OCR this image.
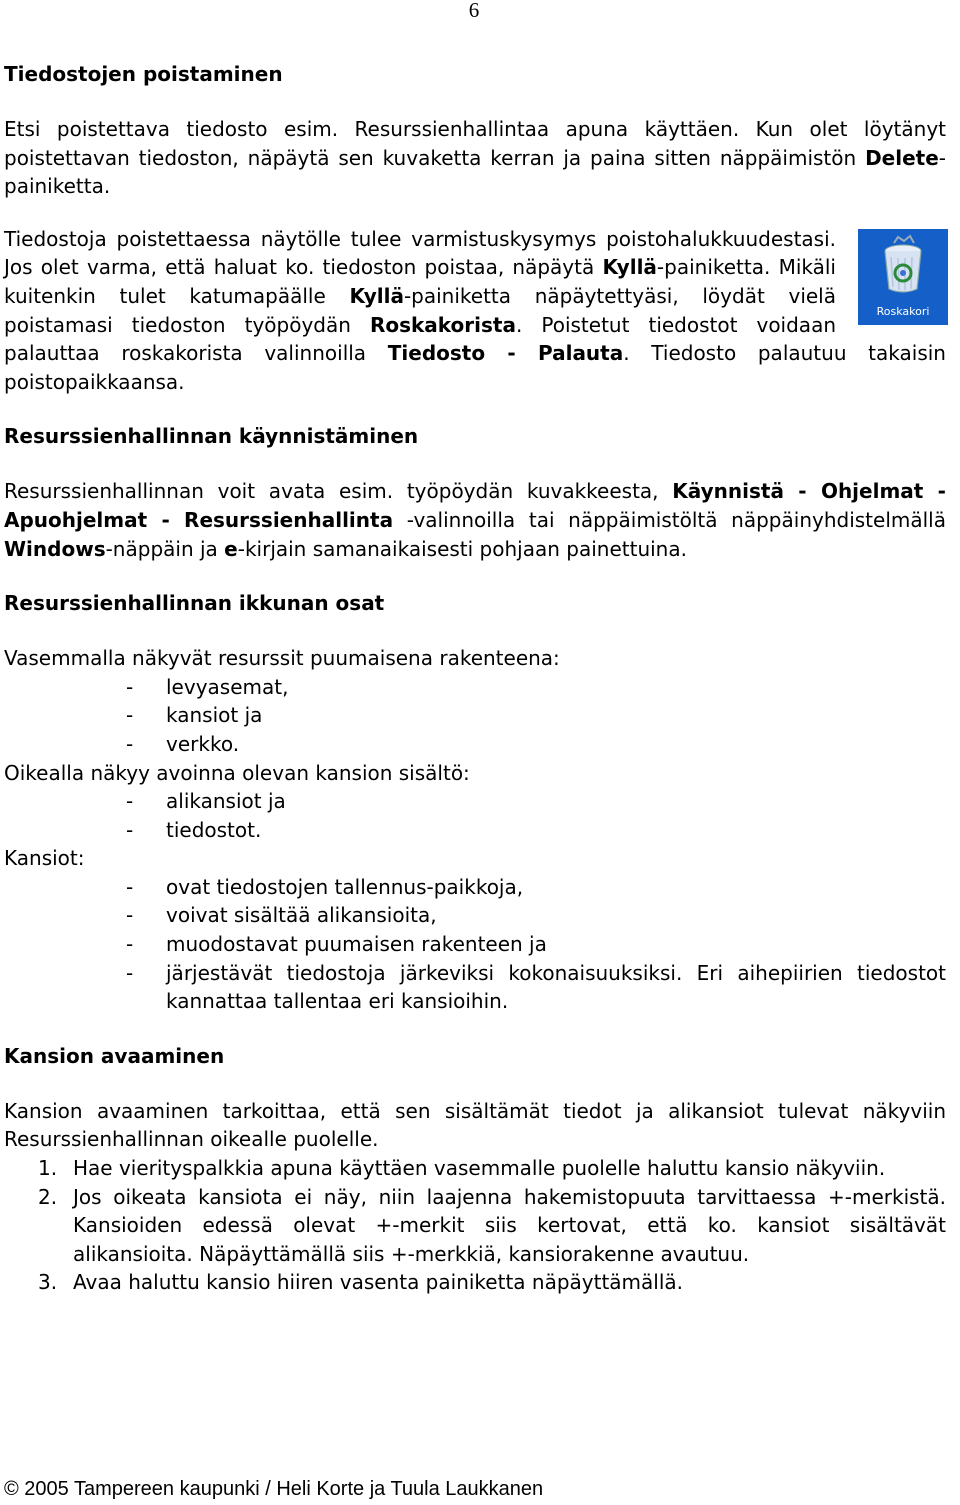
6
Roskakori
Tiedostojen poistaminen

Etsi poistettava tiedosto esim. Resurssienhallintaa apuna käyttäen. Kun olet löytänyt poistettavan tiedoston, näpäytä sen kuvaketta kerran ja paina sitten näppäimistön Delete-painiketta.

Tiedostoja poistettaessa näytölle tulee varmistuskysymys poistohalukkuudestasi. Jos olet varma, että haluat ko. tiedoston poistaa, näpäytä Kyllä-painiketta. Mikäli kuitenkin tulet katumapäälle Kyllä-painiketta näpäytettyäsi, löydät vielä poistamasi tiedoston työpöydän Roskakorista. Poistetut tiedostot voidaan palauttaa roskakorista valinnoilla Tiedosto - Palauta. Tiedosto palautuu takaisin poistopaikkaansa.

Resurssienhallinnan käynnistäminen

Resurssienhallinnan voit avata esim. työpöydän kuvakkeesta, Käynnistä - Ohjelmat - Apuohjelmat - Resurssienhallinta -valinnoilla tai näppäimistöltä näppäinyhdistelmällä Windows-näppäin ja e-kirjain samanaikaisesti pohjaan painettuina.

Resurssienhallinnan ikkunan osat

Vasemmalla näkyvät resurssit puumaisena rakenteena:

- levyasemat,
- kansiot ja
- verkko.

Oikealla näkyy avoinna olevan kansion sisältö:

- alikansiot ja
- tiedostot.

Kansiot:

- ovat tiedostojen tallennus-paikkoja,
- voivat sisältää alikansioita,
- muodostavat puumaisen rakenteen ja
- järjestävät tiedostoja järkeviksi kokonaisuuksiksi. Eri aihepiirien tiedostot kannattaa tallentaa eri kansioihin.
Kansion avaaminen

Kansion avaaminen tarkoittaa, että sen sisältämät tiedot ja alikansiot tulevat näkyviin Resurssienhallinnan oikealle puolelle.

1. Hae vierityspalkkia apuna käyttäen vasemmalle puolelle haluttu kansio näkyviin.
2. Jos oikeata kansiota ei näy, niin laajenna hakemistopuuta tarvittaessa +-merkistä. Kansioiden edessä olevat +-merkit siis kertovat, että ko. kansiot sisältävät alikansioita. Näpäyttämällä siis +-merkkiä, kansiorakenne avautuu.
3. Avaa haluttu kansio hiiren vasenta painiketta näpäyttämällä.
© 2005 Tampereen kaupunki / Heli Korte ja Tuula Laukkanen
